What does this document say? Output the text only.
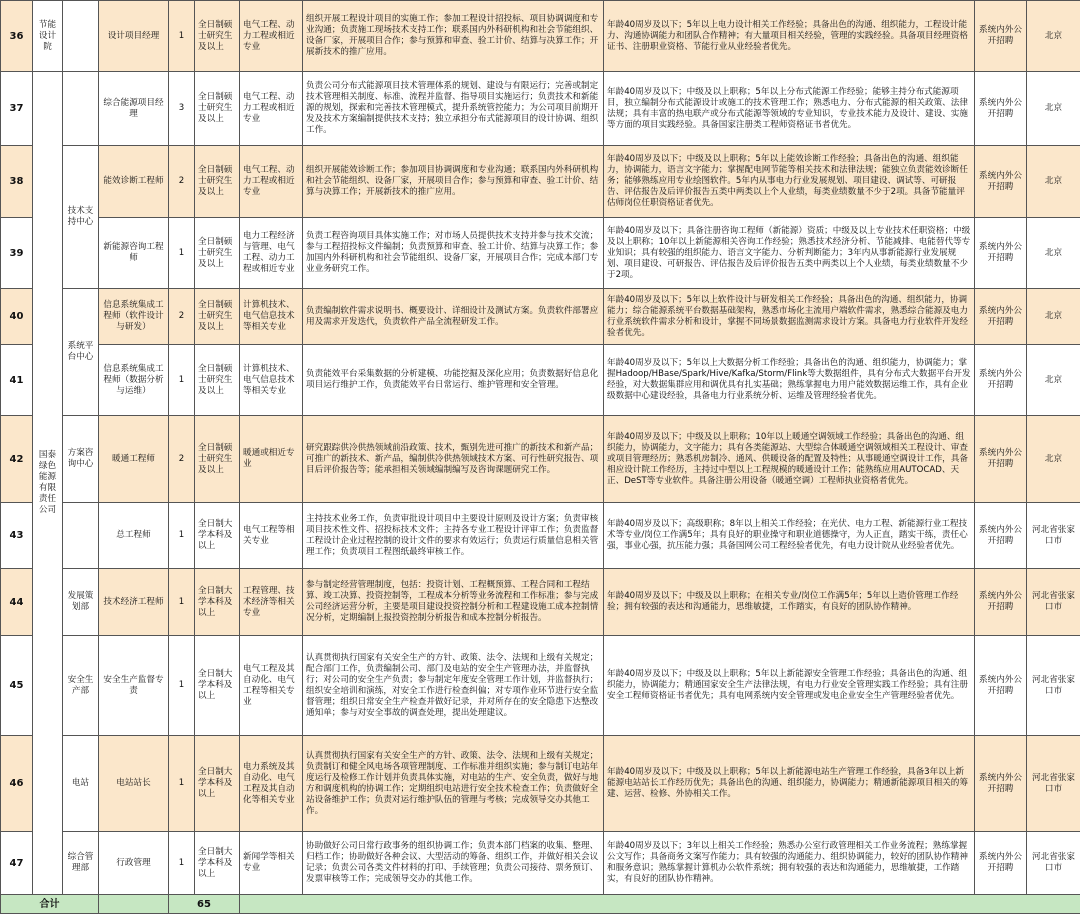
36	节能设计院		设计项目经理	1	全日制硕士研究生及以上	电气工程、动力工程或相近专业	组织开展工程设计项目的实施工作；参加工程设计招投标、项目协调调度和专业沟通；负责施工现场技术支持工作；联系国内外科研机构和社会节能组织、设备厂家，开展项目合作；参与预算和审查、验工计价、结算与决算工作；开展新技术的推广应用。	年龄40周岁及以下；5年以上电力设计相关工作经验；具备出色的沟通、组织能力，工程设计能力、沟通协调能力和团队合作精神；有大量项目相关经验，管理的实践经验。具备项目经理资格证书、注册职业资格、节能行业从业经验者优先。	系统内外公开招聘	北京
37	国泰绿色能源有限责任公司		综合能源项目经理	3	全日制硕士研究生及以上	电气工程、动力工程或相近专业	负责公司分布式能源项目技术管理体系的规划、建设与有限运行；完善或制定技术管理相关制度、标准、流程并监督、指导项目实施运行；负责技术和新能源的规划，探索和完善技术管理模式，提升系统管控能力；为公司项目前期开发及技术方案编制提供技术支持；独立承担分布式能源项目的设计协调、组织工作。	年龄40周岁及以下；中级及以上职称；5年以上分布式能源工作经验；能够主持分布式能源项目，独立编制分布式能源设计或施工的技术管理工作；熟悉电力、分布式能源的相关政策、法律法规；具有丰富的热电联产或分布式能源等领域的专业知识，专业技术能力及设计、建设、实施等方面的项目实践经验。具备国家注册类工程师资格证书者优先。	系统内外公开招聘	北京
38		技术支持中心	能效诊断工程师	2	全日制硕士研究生及以上	电气工程、动力工程或相近专业	组织开展能效诊断工作；参加项目协调调度和专业沟通；联系国内外科研机构和社会节能组织、设备厂家，开展项目合作；参与预算和审查、验工计价、结算与决算工作；开展新技术的推广应用。	年龄40周岁及以下；中级及以上职称；5年以上能效诊断工作经验；具备出色的沟通、组织能力，协调能力，语言文字能力；掌握配电网节能等相关技术和法律法规；能独立负责能效诊断任务；能够熟练应用专业绘图软件。5年内从事电力行业发展规划、项目建设、调试等、可研报告、评估报告及后评价报告五类中两类以上个人业绩，每类业绩数量不少于2项。具备节能量评估师岗位任职资格证者优先。	系统内外公开招聘	北京
39			新能源咨询工程师	1	全日制硕士研究生及以上	电力工程经济与管理、电气工程、动力工程或相近专业	负责工程咨询项目具体实施工作；对市场人员提供技术支持并参与技术交流；参与工程招投标文件编制；负责预算和审查、验工计价、结算与决算工作；参加国内外科研机构和社会节能组织、设备厂家，开展项目合作；完成本部门专业业务研究工作。	年龄40周岁及以下；具备注册咨询工程师（新能源）资质；中级及以上专业技术任职资格；中级及以上职称；10年以上新能源相关咨询工作经验；熟悉技术经济分析、节能减排、电能替代等专业知识；具有较强的组织能力、语言文字能力、分析判断能力；3年内从事新能源行业发展规划、项目建设、可研报告、评估报告及后评价报告五类中两类以上个人业绩，每类业绩数量不少于2项。	系统内外公开招聘	北京
40		系统平台中心	信息系统集成工程师（软件设计与研发）	2	全日制硕士研究生及以上	计算机技术、电气信息技术等相关专业	负责编制软件需求说明书、概要设计、详细设计及测试方案。负责软件部署应用及需求开发迭代，负责软件产品全流程研发工作。	年龄40周岁及以下；5年以上软件设计与研发相关工作经验；具备出色的沟通、组织能力，协调能力；综合能源系统平台数据基础架构，熟悉市场化主流用户端软件需求，熟悉综合能源及电力行业系统软件需求分析和设计，掌握不同场景数据监测需求设计方案。具备电力行业软件开发经验者优先。	系统内外公开招聘	北京
41			信息系统集成工程师（数据分析与运维）	1	全日制硕士研究生及以上	计算机技术、电气信息技术等相关专业	负责能效平台采集数据的分析建模、功能挖掘及深化应用；负责数据好信息化项目运行维护工作，负责能效平台日常运行、维护管理和安全管理。	年龄40周岁及以下；5年以上大数据分析工作经验；具备出色的沟通、组织能力，协调能力；掌握Hadoop/HBase/Spark/Hive/Kafka/Storm/Flink等大数据组件，具有分布式大数据平台开发经验，对大数据集群应用和调优具有扎实基础；熟练掌握电力用户能效数据运维工作，具有企业级数据中心建设经验，具备电力行业系统分析、运维及管理经验者优先。	系统内外公开招聘	北京
42		方案咨询中心	暖通工程师	2	全日制硕士研究生及以上	暖通或相近专业	研究跟踪供冷供热领域前沿政策、技术，甄别先进可推广的新技术和新产品；可推广的新技术、新产品，编制供冷供热领域技术方案、可行性研究报告、项目后评价报告等；能承担相关领域编制编写及咨询课题研究工作。	年龄40周岁及以下；中级及以上职称；10年以上暖通空调领域工作经验；具备出色的沟通、组织能力，协调能力，文字能力；具有各类能源站、大型综合体暖通空调领域相关工程设计、审查或项目管理经历；熟悉机房制冷、通风、供暖设备的配置及特性；从事暖通空调设计工作，具备相应设计院工作经历，主持过中型以上工程规模的暖通设计工作；能熟练应用AUTOCAD、天正、DeST等专业软件。具备注册公用设备（暖通空调）工程师执业资格者优先。	系统内外公开招聘	北京
43			总工程师	1	全日制大学本科及以上	电气工程等相关专业	主持技术业务工作，负责审批设计项目中主要设计原则及设计方案；负责审核项目技术性文件、招投标技术文件；主持各专业工程设计评审工作；负责监督工程设计企业过程控制的设计文件的要求有效运行；负责运行质量信息相关管理工作；负责项目工程图纸最终审核工作。	年龄40周岁及以下；高级职称；8年以上相关工作经验；在光伏、电力工程、新能源行业工程技术等专业/岗位工作满5年；具有良好的职业操守和职业道德操守，为人正直，踏实干练，责任心强，事业心强，抗压能力强；具备国网公司工程经验者优先，有电力设计院从业经验者优先。	系统内外公开招聘	河北省张家口市
44		发展策划部	技术经济工程师	1	全日制大学本科及以上	工程管理、技术经济等相关专业	参与制定经营管理制度，包括：投资计划、工程概预算、工程合同和工程结算、竣工决算、投资控制等，工程成本分析等业务流程和工作标准；参与完成公司经济运营分析，主要是项目建设投资控制分析和工程建设施工成本控制情况分析，定期编制上报投资控制分析报告和成本控制分析报告。	年龄40周岁及以下；中级及以上职称；在相关专业/岗位工作满5年；5年以上造价管理工作经验；拥有较强的表达和沟通能力，思维敏捷，工作踏实，有良好的团队协作精神。	系统内外公开招聘	河北省张家口市
45		安全生产部	安全生产监督专责	1	全日制大学本科及以上	电气工程及其自动化、电气工程等相关专业	认真贯彻执行国家有关安全生产的方针、政策、法令、法规和上级有关规定；配合部门工作，负责编制公司、部门及电站的安全生产管理办法，并监督执行；对公司的安全生产负责；参与制定年度安全管理工作计划，并监督执行；组织安全培训和演练，对安全工作进行检查纠偏；对专项作业环节进行安全监督管理；组织日常安全生产检查并做好记录，并对所存在的安全隐患下达整改通知单；参与对安全事故的调查处理，提出处理建议。	年龄40周岁及以下；中级及以上职称；5年以上新能源安全管理工作经验；具备出色的沟通、组织能力，协调能力；精通国家安全生产法律法规，有电力行业安全管理实践工作经验；具有注册安全工程师资格证书者优先；具有电网系统内安全管理或发电企业安全生产管理经验者优先。	系统内外公开招聘	河北省张家口市
46		电站	电站站长	1	全日制大学本科及以上	电力系统及其自动化、电气工程及其自动化等相关专业	认真贯彻执行国家有关安全生产的方针、政策、法令、法规和上级有关规定；负责制订和健全风电场各项管理制度、工作标准并组织实施；参与制订电站年度运行及检修工作计划并负责具体实施，对电站的生产、安全负责，做好与地方和调度机构的协调工作；定期组织电站进行安全技术检查工作；负责做好全站设备维护工作；负责对运行维护队伍的管理与考核；完成领导交办其他工作。	年龄40周岁及以下；中级及以上职称；5年以上新能源电站生产管理工作经验，具备3年以上新能源电站站长工作经历优先；具备出色的沟通、组织能力，协调能力；精通新能源项目相关的筹建、运营、检修、外协相关工作。	系统内外公开招聘	河北省张家口市
47		综合管理部	行政管理	1	全日制大学本科及以上	新闻学等相关专业	协助做好公司日常行政事务的组织协调工作；负责本部门档案的收集、整理、归档工作；协助做好各种会议、大型活动的筹备、组织工作，并做好相关会议记录；负责公司各类文件材料的打印、手续管理；负责公司接待、票务预订、发票审核等工作；完成领导交办的其他工作。	年龄40周岁及以下；3年以上相关工作经验；熟悉办公室行政管理相关工作业务流程；熟练掌握公文写作；具备商务文案写作能力；具有较强的沟通能力、组织协调能力，较好的团队协作精神和服务意识；熟练掌握计算机办公软件系统；拥有较强的表达和沟通能力，思维敏捷，工作踏实，有良好的团队协作精神。	系统内外公开招聘	河北省张家口市
合计				65						
